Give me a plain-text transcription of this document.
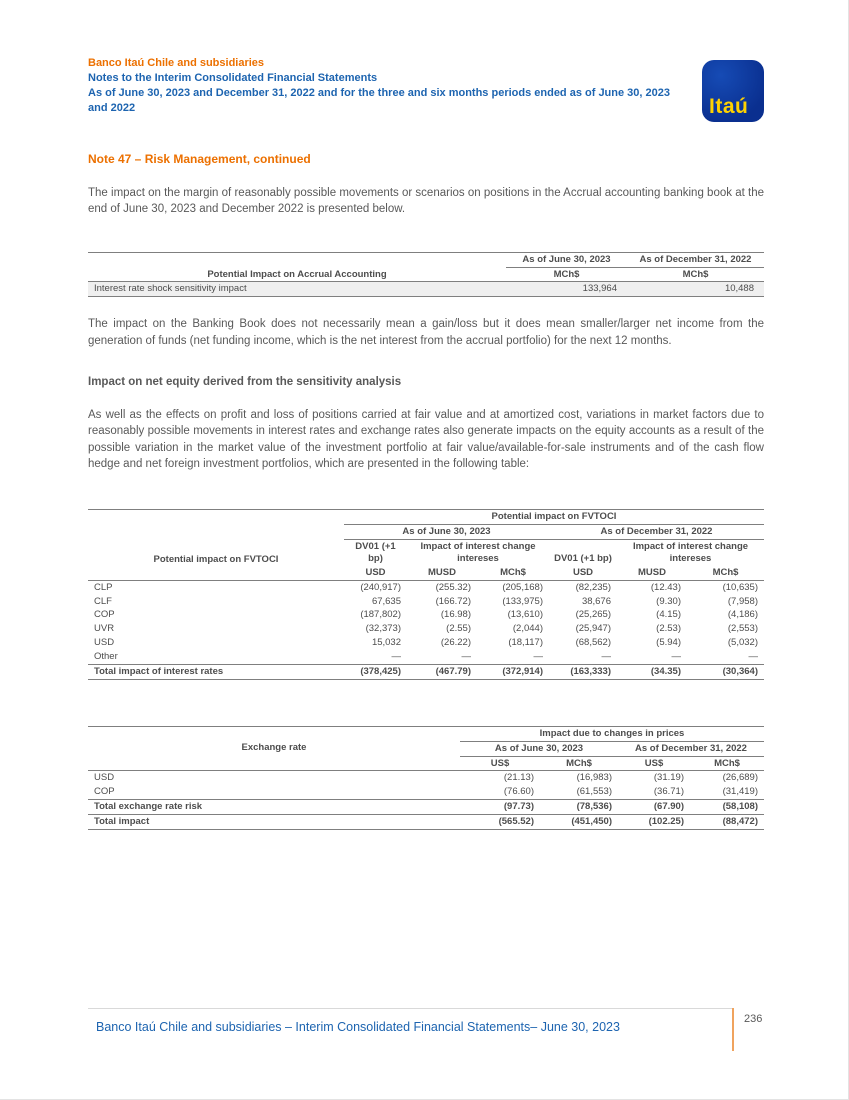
Banco Itaú Chile and subsidiaries
Notes to the Interim Consolidated Financial Statements
As of June 30, 2023 and December 31, 2022 and for the three and six months periods ended as of June 30, 2023 and 2022	Itaú
Note 47 – Risk Management, continued

The impact on the margin of reasonably possible movements or scenarios on positions in the Accrual accounting banking book at the end of June 30, 2023 and December 2022 is presented below.

	As of June 30, 2023	As of December 31, 2022
Potential Impact on Accrual Accounting	MCh$	MCh$
Interest rate shock sensitivity impact	133,964	10,488

The impact on the Banking Book does not necessarily mean a gain/loss but it does mean smaller/larger net income from the generation of funds (net funding income, which is the net interest from the accrual portfolio) for the next 12 months.

Impact on net equity derived from the sensitivity analysis

As well as the effects on profit and loss of positions carried at fair value and at amortized cost, variations in market factors due to reasonably possible movements in interest rates and exchange rates also generate impacts on the equity accounts as a result of the possible variation in the market value of the investment portfolio at fair value/available-for-sale instruments and of the cash flow hedge and net foreign investment portfolios, which are presented in the following table:

	Potential impact on FVTOCI					
	As of June 30, 2023			As of December 31, 2022		
Potential impact on FVTOCI	DV01 (+1 bp)	Impact of interest change intereses		DV01 (+1 bp)	Impact of interest change intereses	
	USD	MUSD	MCh$	USD	MUSD	MCh$
CLP	(240,917)	(255.32)	(205,168)	(82,235)	(12.43)	(10,635)
CLF	67,635	(166.72)	(133,975)	38,676	(9.30)	(7,958)
COP	(187,802)	(16.98)	(13,610)	(25,265)	(4.15)	(4,186)
UVR	(32,373)	(2.55)	(2,044)	(25,947)	(2.53)	(2,553)
USD	15,032	(26.22)	(18,117)	(68,562)	(5.94)	(5,032)
Other	—	—	—	—	—	—
Total impact of interest rates	(378,425)	(467.79)	(372,914)	(163,333)	(34.35)	(30,364)
	Impact due to changes in prices			
Exchange rate	As of June 30, 2023		As of December 31, 2022	
	US$	MCh$	US$	MCh$
USD	(21.13)	(16,983)	(31.19)	(26,689)
COP	(76.60)	(61,553)	(36.71)	(31,419)
Total exchange rate risk	(97.73)	(78,536)	(67.90)	(58,108)
Total impact	(565.52)	(451,450)	(102.25)	(88,472)
Banco Itaú Chile and subsidiaries – Interim Consolidated Financial Statements– June 30, 2023
236
